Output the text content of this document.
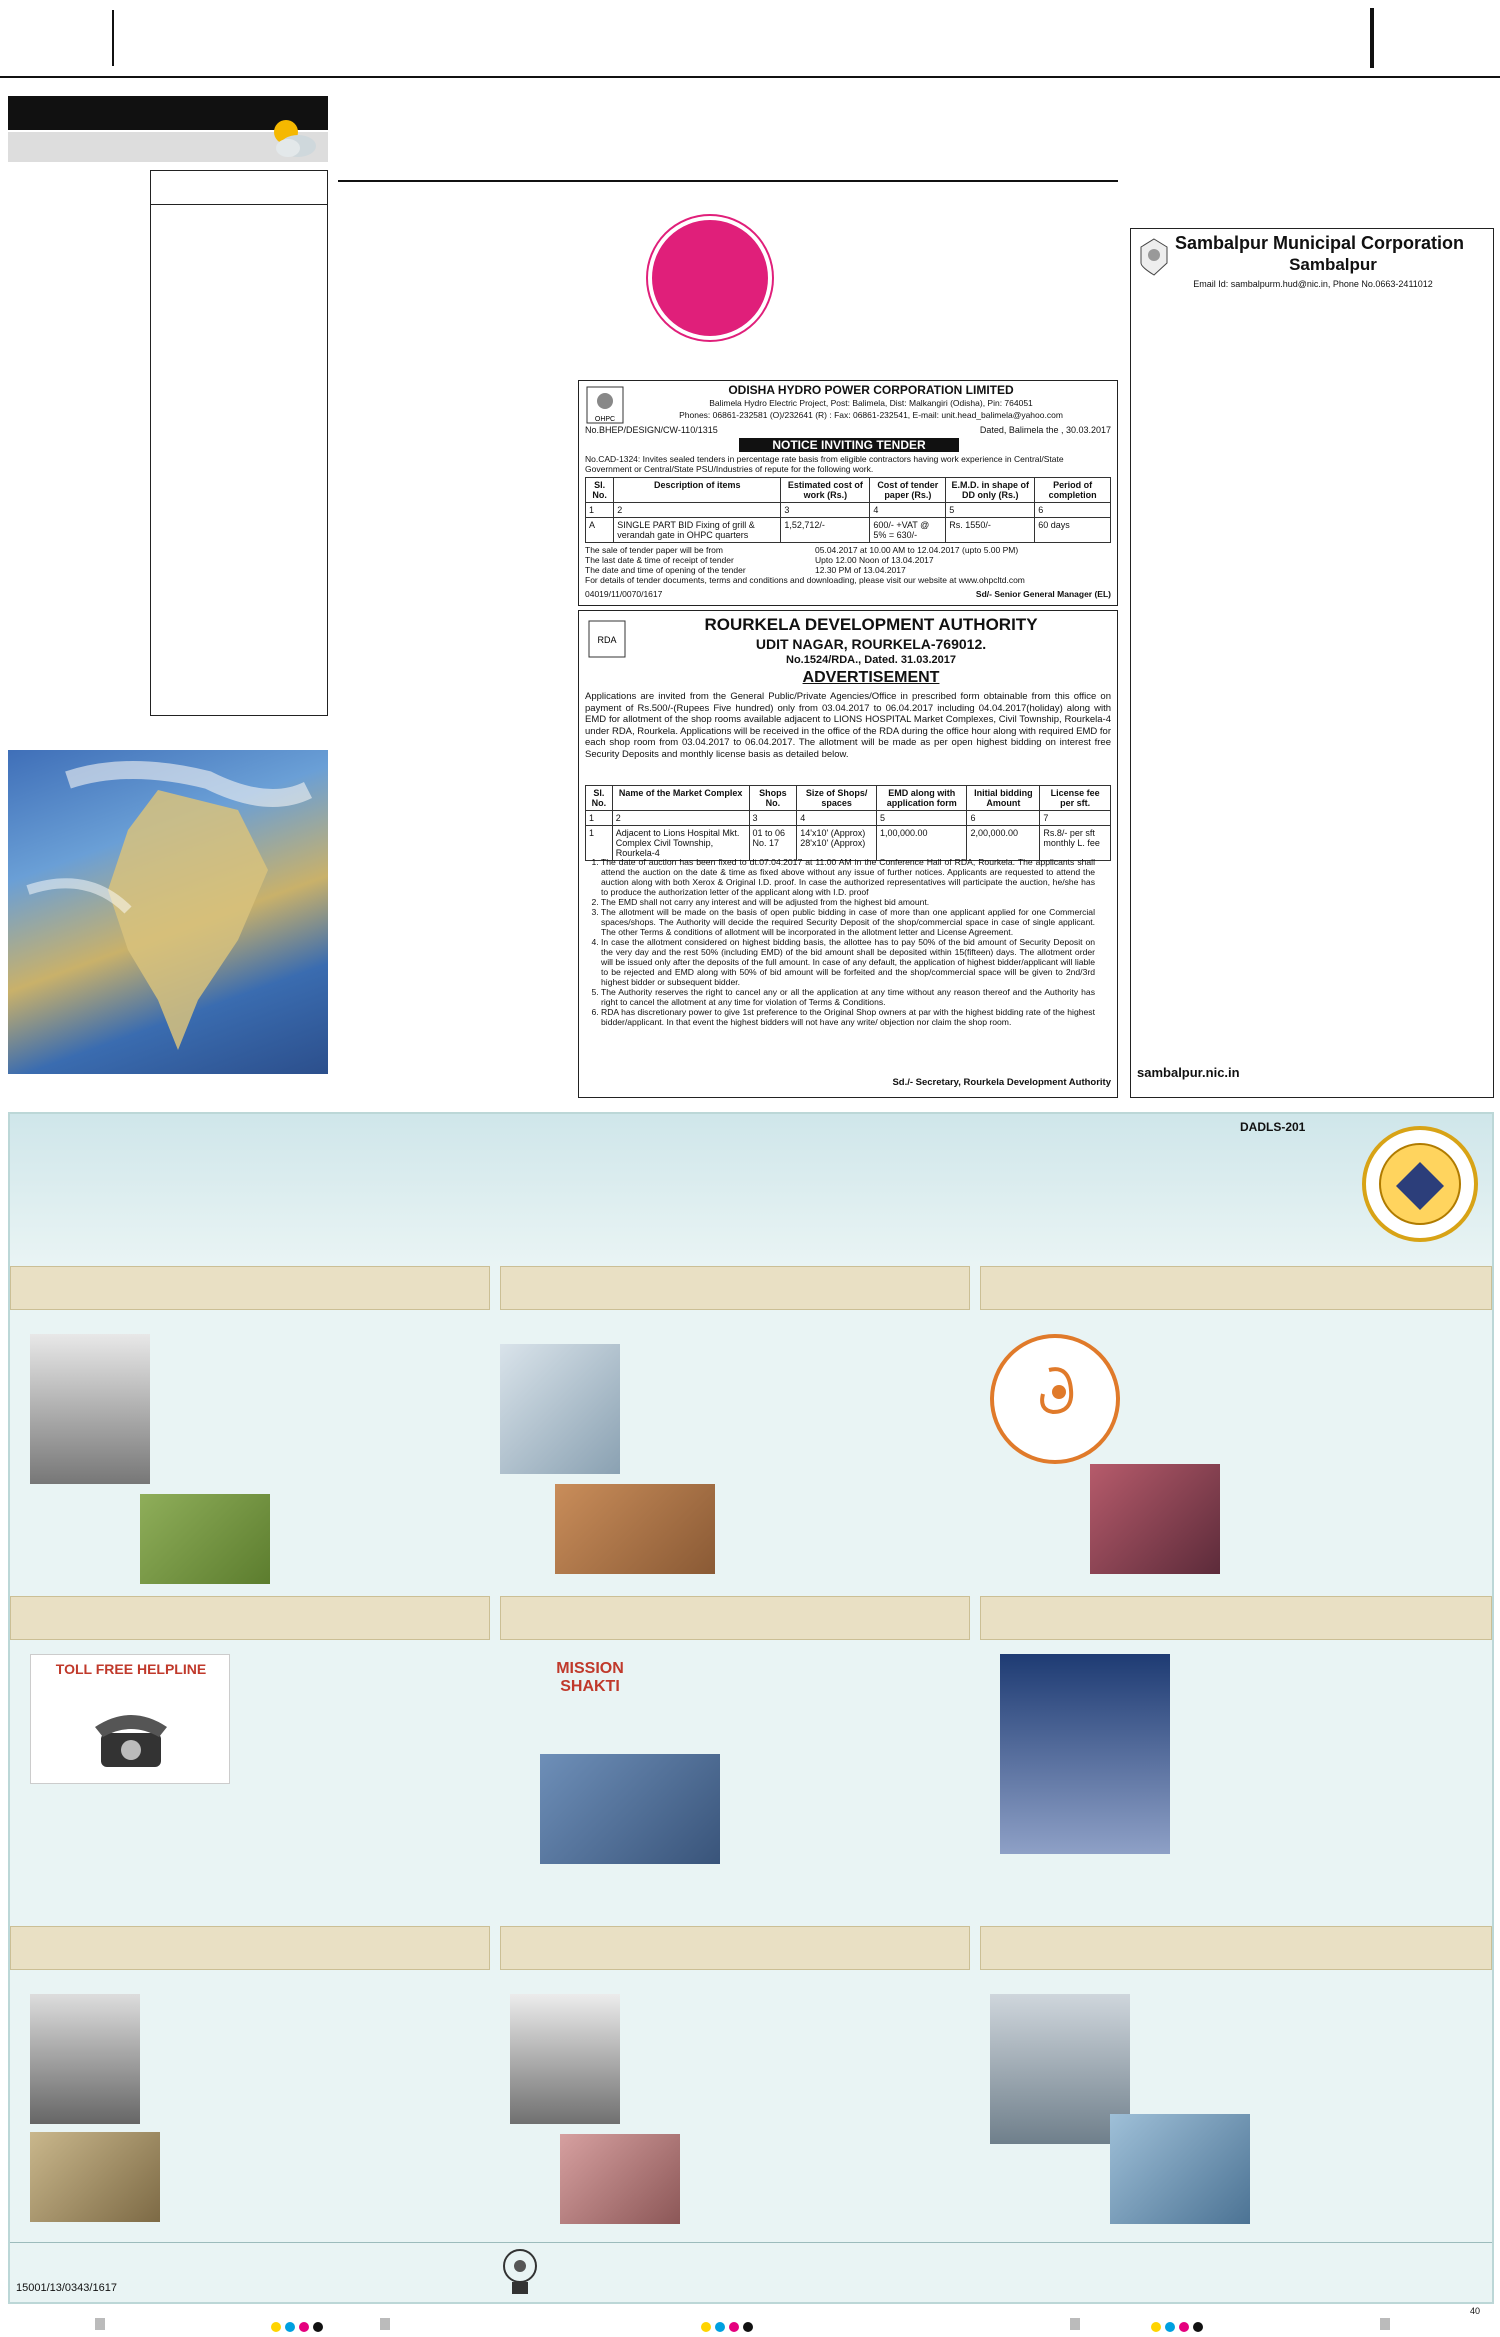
OHPC
ODISHA HYDRO POWER CORPORATION LIMITED
Balimela Hydro Electric Project, Post: Balimela, Dist: Malkangiri (Odisha), Pin: 764051
Phones: 06861-232581 (O)/232641 (R) : Fax: 06861-232541, E-mail: unit.head_balimela@yahoo.com
No.BHEP/DESIGN/CW-110/1315	Dated, Balimela the , 30.03.2017
NOTICE INVITING TENDER
No.CAD-1324: Invites sealed tenders in percentage rate basis from eligible contractors having work experience in Central/State Government or Central/State PSU/Industries of repute for the following work.
Sl. No.	Description of items	Estimated cost of work (Rs.)	Cost of tender paper (Rs.)	E.M.D. in shape of DD only (Rs.)	Period of completion
1	2	3	4	5	6
A	SINGLE PART BID Fixing of grill & verandah gate in OHPC quarters	1,52,712/-	600/- +VAT @ 5% = 630/-	Rs. 1550/-	60 days
The sale of tender paper will be from	05.04.2017 at 10.00 AM to 12.04.2017 (upto 5.00 PM)
The last date & time of receipt of tender	Upto 12.00 Noon of 13.04.2017
The date and time of opening of the tender	12.30 PM of 13.04.2017
For details of tender documents, terms and conditions and downloading, please visit our website at www.ohpcltd.com
04019/11/0070/1617	Sd/- Senior General Manager (EL)
RDA
ROURKELA DEVELOPMENT AUTHORITY
UDIT NAGAR, ROURKELA-769012.
No.1524/RDA., Dated. 31.03.2017
ADVERTISEMENT
Applications are invited from the General Public/Private Agencies/Office in prescribed form obtainable from this office on payment of Rs.500/-(Rupees Five hundred) only from 03.04.2017 to 06.04.2017 including 04.04.2017(holiday) along with EMD for allotment of the shop rooms available adjacent to LIONS HOSPITAL Market Complexes, Civil Township, Rourkela-4 under RDA, Rourkela. Applications will be received in the office of the RDA during the office hour along with required EMD for each shop room from 03.04.2017 to 06.04.2017. The allotment will be made as per open highest bidding on interest free Security Deposits and monthly license basis as detailed below.
Sl. No.	Name of the Market Complex	Shops No.	Size of Shops/ spaces	EMD along with application form	Initial bidding Amount	License fee per sft.
1	2	3	4	5	6	7
1	Adjacent to Lions Hospital Mkt. Complex Civil Township, Rourkela-4	01 to 06 No. 17	14'x10' (Approx) 28'x10' (Approx)	1,00,000.00	2,00,000.00	Rs.8/- per sft monthly L. fee
1. The date of auction has been fixed to dt.07.04.2017 at 11.00 AM in the Conference Hall of RDA, Rourkela. The applicants shall attend the auction on the date & time as fixed above without any issue of further notices. Applicants are requested to attend the auction along with both Xerox & Original I.D. proof. In case the authorized representatives will participate the auction, he/she has to produce the authorization letter of the applicant along with I.D. proof
2. The EMD shall not carry any interest and will be adjusted from the highest bid amount.
3. The allotment will be made on the basis of open public bidding in case of more than one applicant applied for one Commercial spaces/shops. The Authority will decide the required Security Deposit of the shop/commercial space in case of single applicant. The other Terms & conditions of allotment will be incorporated in the allotment letter and License Agreement.
4. In case the allotment considered on highest bidding basis, the allottee has to pay 50% of the bid amount of Security Deposit on the very day and the rest 50% (including EMD) of the bid amount shall be deposited within 15(fifteen) days. The allotment order will be issued only after the deposits of the full amount. In case of any default, the application of highest bidder/applicant will liable to be rejected and EMD along with 50% of bid amount will be forfeited and the shop/commercial space will be given to 2nd/3rd highest bidder or subsequent bidder.
5. The Authority reserves the right to cancel any or all the application at any time without any reason thereof and the Authority has right to cancel the allotment at any time for violation of Terms & Conditions.
6. RDA has discretionary power to give 1st preference to the Original Shop owners at par with the highest bidding rate of the highest bidder/applicant. In that event the highest bidders will not have any write/ objection nor claim the shop room.
Sd./- Secretary, Rourkela Development Authority
Sambalpur Municipal Corporation
Sambalpur
Email Id: sambalpurm.hud@nic.in, Phone No.0663-2411012
sambalpur.nic.in
DADLS-201
TOLL FREE HELPLINE	MISSION SHAKTI
15001/13/0343/1617
40
